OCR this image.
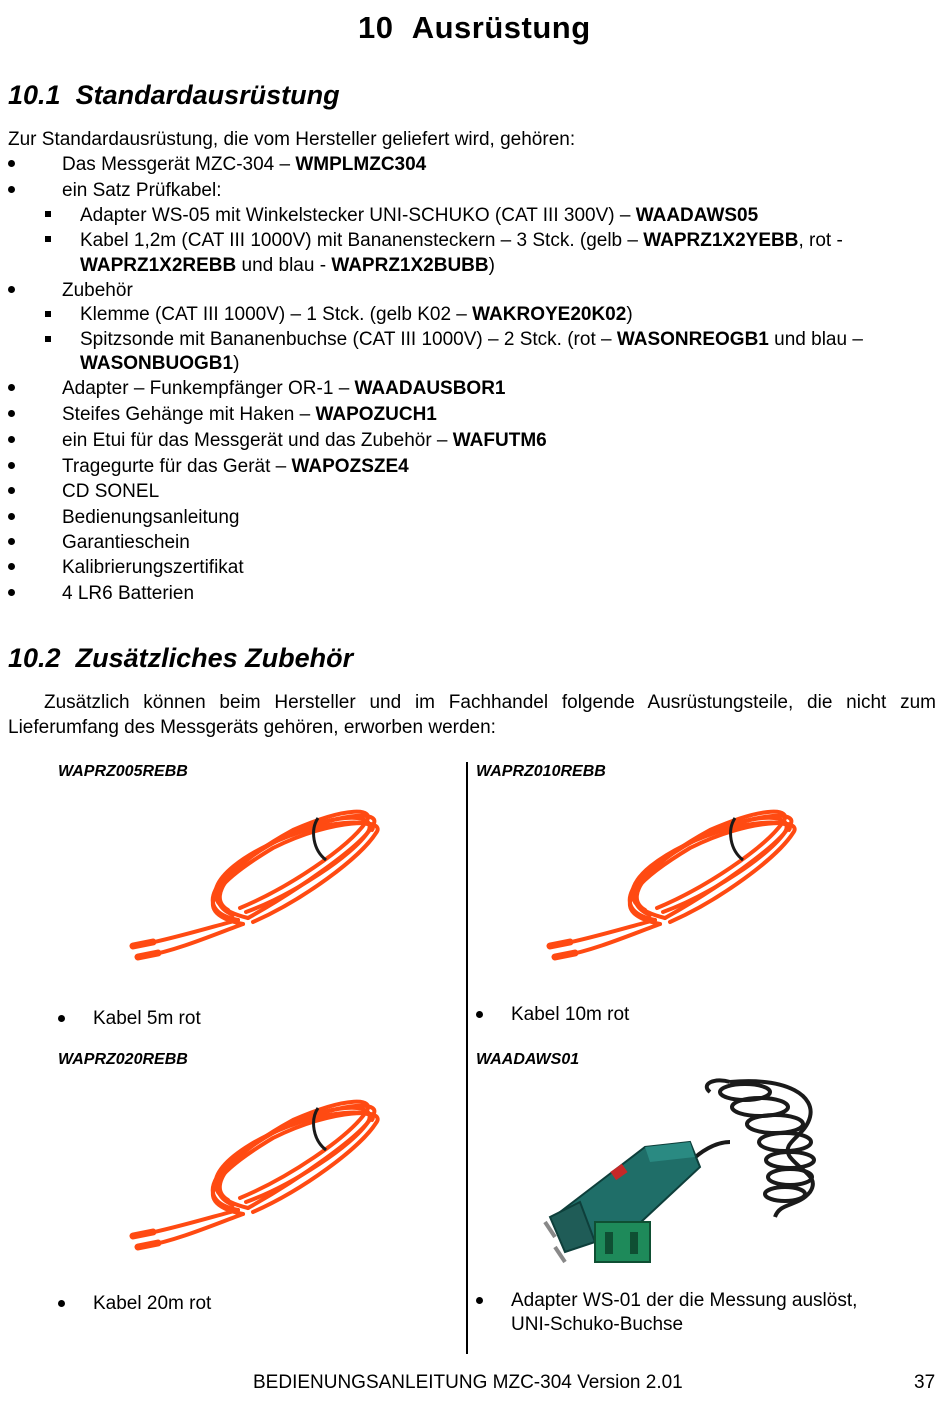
10 Ausrüstung
10.1 Standardausrüstung
Zur Standardausrüstung, die vom Hersteller geliefert wird, gehören:
Das Messgerät MZC-304 – WMPLMZC304
ein Satz Prüfkabel:
Adapter WS-05 mit Winkelstecker UNI-SCHUKO (CAT III 300V) – WAADAWS05
Kabel 1,2m (CAT III 1000V) mit Bananensteckern – 3 Stck. (gelb – WAPRZ1X2YEBB, rot -
WAPRZ1X2REBB und blau - WAPRZ1X2BUBB)
Zubehör
Klemme (CAT III 1000V) – 1 Stck. (gelb K02 – WAKROYE20K02)
Spitzsonde mit Bananenbuchse (CAT III 1000V) – 2 Stck. (rot – WASONREOGB1 und blau –
WASONBUOGB1)
Adapter – Funkempfänger OR-1 – WAADAUSBOR1
Steifes Gehänge mit Haken – WAPOZUCH1
ein Etui für das Messgerät und das Zubehör – WAFUTM6
Tragegurte für das Gerät – WAPOZSZE4
CD SONEL
Bedienungsanleitung
Garantieschein
Kalibrierungszertifikat
4 LR6 Batterien
10.2 Zusätzliches Zubehör
Zusätzlich können beim Hersteller und im Fachhandel folgende Ausrüstungsteile, die nicht zum
Lieferumfang des Messgeräts gehören, erworben werden:
WAPRZ005REBB
Kabel 5m rot
WAPRZ010REBB
Kabel 10m rot
WAPRZ020REBB
Kabel 20m rot
WAADAWS01
Adapter WS-01 der die Messung auslöst,
UNI-Schuko-Buchse
BEDIENUNGSANLEITUNG MZC-304 Version 2.01	37
